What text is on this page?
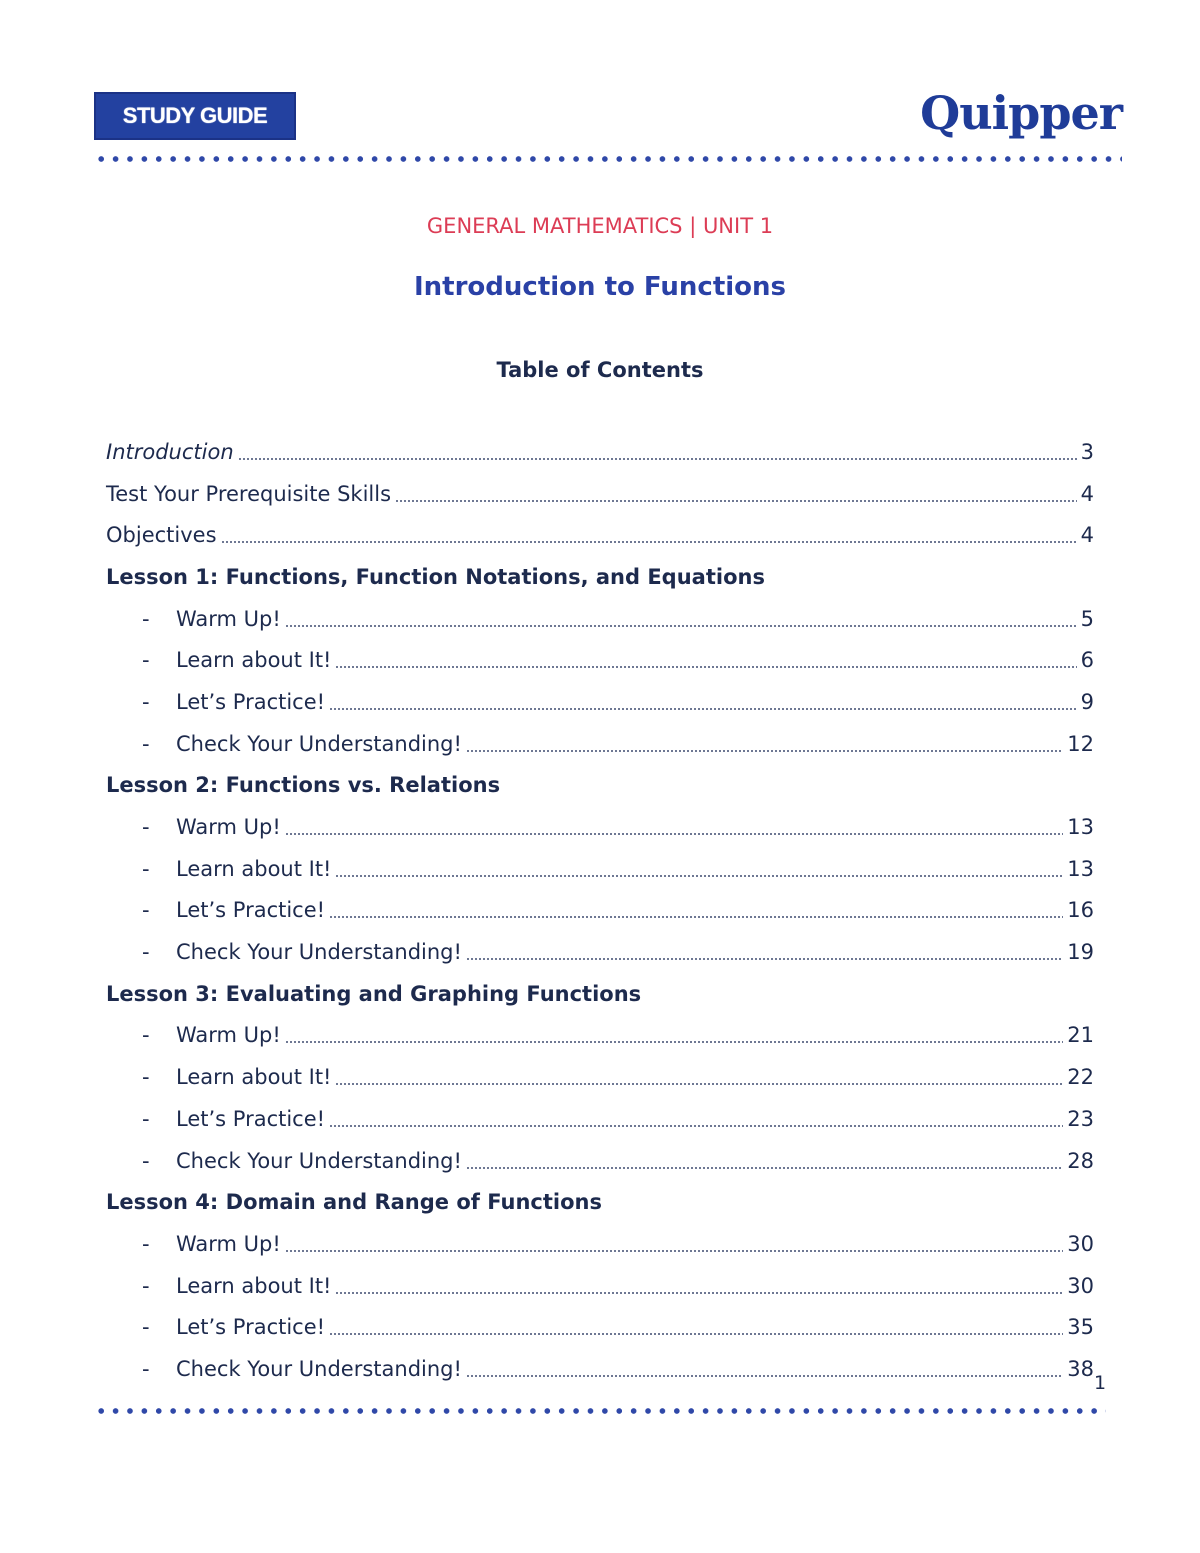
STUDY GUIDE	Quipper
GENERAL MATHEMATICS | UNIT 1
Introduction to Functions
Table of Contents
Introduction	3
Test Your Prerequisite Skills	4
Objectives	4
Lesson 1: Functions, Function Notations, and Equations
-	Warm Up!	5
-	Learn about It!	6
-	Let’s Practice!	9
-	Check Your Understanding!	12
Lesson 2: Functions vs. Relations
-	Warm Up!	13
-	Learn about It!	13
-	Let’s Practice!	16
-	Check Your Understanding!	19
Lesson 3: Evaluating and Graphing Functions
-	Warm Up!	21
-	Learn about It!	22
-	Let’s Practice!	23
-	Check Your Understanding!	28
Lesson 4: Domain and Range of Functions
-	Warm Up!	30
-	Learn about It!	30
-	Let’s Practice!	35
-	Check Your Understanding!	38
1
